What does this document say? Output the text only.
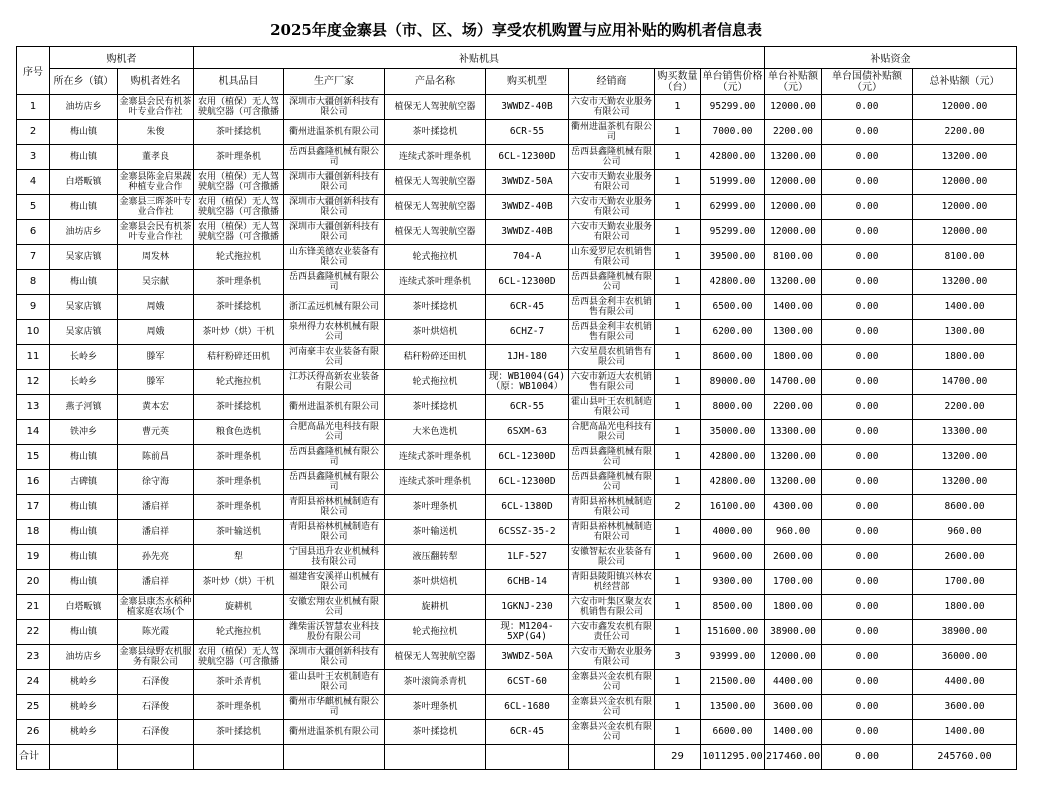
2025年度金寨县（市、区、场）享受农机购置与应用补贴的购机者信息表
序号	购机者		补贴机具							补贴资金		
	所在乡（镇）	购机者姓名	机具品目	生产厂家	产品名称	购买机型	经销商	购买数量（台）	单台销售价格（元）	单台补贴额（元）	单台国债补贴额（元）	总补贴额（元）
1	油坊店乡	金寨县会民有机茶叶专业合作社	农用（植保）无人驾驶航空器（可含撒播	深圳市大疆创新科技有限公司	植保无人驾驶航空器	3WWDZ-40B	六安市天勤农业服务有限公司	1	95299.00	12000.00	0.00	12000.00
2	梅山镇	朱俊	茶叶揉捻机	衢州进温茶机有限公司	茶叶揉捻机	6CR-55	衢州进温茶机有限公司	1	7000.00	2200.00	0.00	2200.00
3	梅山镇	董孝良	茶叶理条机	岳西县鑫隆机械有限公司	连续式茶叶理条机	6CL-12300D	岳西县鑫隆机械有限公司	1	42800.00	13200.00	0.00	13200.00
4	白塔畈镇	金寨县陈金启果蔬种植专业合作	农用（植保）无人驾驶航空器（可含撒播	深圳市大疆创新科技有限公司	植保无人驾驶航空器	3WWDZ-50A	六安市天勤农业服务有限公司	1	51999.00	12000.00	0.00	12000.00
5	梅山镇	金寨县三晖茶叶专业合作社	农用（植保）无人驾驶航空器（可含撒播	深圳市大疆创新科技有限公司	植保无人驾驶航空器	3WWDZ-40B	六安市天勤农业服务有限公司	1	62999.00	12000.00	0.00	12000.00
6	油坊店乡	金寨县会民有机茶叶专业合作社	农用（植保）无人驾驶航空器（可含撒播	深圳市大疆创新科技有限公司	植保无人驾驶航空器	3WWDZ-40B	六安市天勤农业服务有限公司	1	95299.00	12000.00	0.00	12000.00
7	吴家店镇	周发林	轮式拖拉机	山东锋美德农业装备有限公司	轮式拖拉机	704-A	山东爱罗尼农机销售有限公司	1	39500.00	8100.00	0.00	8100.00
8	梅山镇	吴宗献	茶叶理条机	岳西县鑫隆机械有限公司	连续式茶叶理条机	6CL-12300D	岳西县鑫隆机械有限公司	1	42800.00	13200.00	0.00	13200.00
9	吴家店镇	周娥	茶叶揉捻机	浙江孟远机械有限公司	茶叶揉捻机	6CR-45	岳西县金利丰农机销售有限公司	1	6500.00	1400.00	0.00	1400.00
10	吴家店镇	周娥	茶叶炒（烘）干机	泉州得力农林机械有限公司	茶叶烘焙机	6CHZ-7	岳西县金利丰农机销售有限公司	1	6200.00	1300.00	0.00	1300.00
11	长岭乡	滕军	秸秆粉碎还田机	河南豪丰农业装备有限公司	秸秆粉碎还田机	1JH-180	六安星晨农机销售有限公司	1	8600.00	1800.00	0.00	1800.00
12	长岭乡	滕军	轮式拖拉机	江苏沃得高新农业装备有限公司	轮式拖拉机	现：WB1004(G4)（原：WB1004）	六安市新迈大农机销售有限公司	1	89000.00	14700.00	0.00	14700.00
13	燕子河镇	黄本宏	茶叶揉捻机	衢州进温茶机有限公司	茶叶揉捻机	6CR-55	霍山县叶王农机制造有限公司	1	8000.00	2200.00	0.00	2200.00
14	铁冲乡	曹元英	粮食色选机	合肥高晶光电科技有限公司	大米色选机	6SXM-63	合肥高晶光电科技有限公司	1	35000.00	13300.00	0.00	13300.00
15	梅山镇	陈前昌	茶叶理条机	岳西县鑫隆机械有限公司	连续式茶叶理条机	6CL-12300D	岳西县鑫隆机械有限公司	1	42800.00	13200.00	0.00	13200.00
16	古碑镇	徐守海	茶叶理条机	岳西县鑫隆机械有限公司	连续式茶叶理条机	6CL-12300D	岳西县鑫隆机械有限公司	1	42800.00	13200.00	0.00	13200.00
17	梅山镇	潘启祥	茶叶理条机	青阳县裕林机械制造有限公司	茶叶理条机	6CL-1380D	青阳县裕林机械制造有限公司	2	16100.00	4300.00	0.00	8600.00
18	梅山镇	潘启祥	茶叶输送机	青阳县裕林机械制造有限公司	茶叶输送机	6CSSZ-35-2	青阳县裕林机械制造有限公司	1	4000.00	960.00	0.00	960.00
19	梅山镇	孙先亮	犁	宁国县迅升农业机械科技有限公司	液压翻转犁	1LF-527	安徽智耘农业装备有限公司	1	9600.00	2600.00	0.00	2600.00
20	梅山镇	潘启祥	茶叶炒（烘）干机	福建省安溪祥山机械有限公司	茶叶烘焙机	6CHB-14	青阳县陵阳镇兴林农机经营部	1	9300.00	1700.00	0.00	1700.00
21	白塔畈镇	金寨县康杰水稻种植家庭农场(个	旋耕机	安徽宏翔农业机械有限公司	旋耕机	1GKNJ-230	六安市叶集区聚友农机销售有限公司	1	8500.00	1800.00	0.00	1800.00
22	梅山镇	陈光霞	轮式拖拉机	潍柴雷沃智慧农业科技股份有限公司	轮式拖拉机	现：M1204-5XP(G4)	六安市鑫发农机有限责任公司	1	151600.00	38900.00	0.00	38900.00
23	油坊店乡	金寨县绿野农机服务有限公司	农用（植保）无人驾驶航空器（可含撒播	深圳市大疆创新科技有限公司	植保无人驾驶航空器	3WWDZ-50A	六安市天勤农业服务有限公司	3	93999.00	12000.00	0.00	36000.00
24	桃岭乡	石泽俊	茶叶杀青机	霍山县叶王农机制造有限公司	茶叶滚筒杀青机	6CST-60	金寨县兴金农机有限公司	1	21500.00	4400.00	0.00	4400.00
25	桃岭乡	石泽俊	茶叶理条机	衢州市华麒机械有限公司	茶叶理条机	6CL-1680	金寨县兴金农机有限公司	1	13500.00	3600.00	0.00	3600.00
26	桃岭乡	石泽俊	茶叶揉捻机	衢州进温茶机有限公司	茶叶揉捻机	6CR-45	金寨县兴金农机有限公司	1	6600.00	1400.00	0.00	1400.00
合计								29	1011295.00	217460.00	0.00	245760.00
